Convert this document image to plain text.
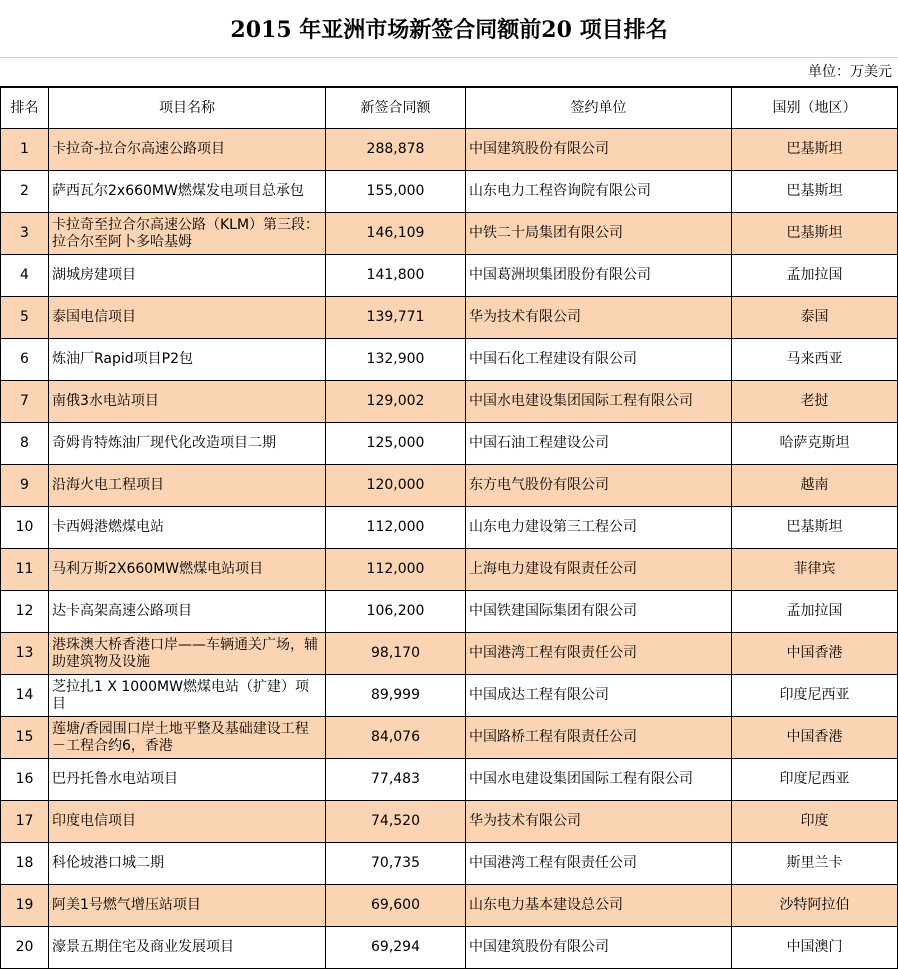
2015 年亚洲市场新签合同额前20 项目排名
单位：万美元
排名	项目名称	新签合同额	签约单位	国别（地区）
1	卡拉奇-拉合尔高速公路项目	288,878	中国建筑股份有限公司	巴基斯坦
2	萨西瓦尔2x660MW燃煤发电项目总承包	155,000	山东电力工程咨询院有限公司	巴基斯坦
3	卡拉奇至拉合尔高速公路（KLM）第三段：拉合尔至阿卜多哈基姆	146,109	中铁二十局集团有限公司	巴基斯坦
4	湖城房建项目	141,800	中国葛洲坝集团股份有限公司	孟加拉国
5	泰国电信项目	139,771	华为技术有限公司	泰国
6	炼油厂Rapid项目P2包	132,900	中国石化工程建设有限公司	马来西亚
7	南俄3水电站项目	129,002	中国水电建设集团国际工程有限公司	老挝
8	奇姆肯特炼油厂现代化改造项目二期	125,000	中国石油工程建设公司	哈萨克斯坦
9	沿海火电工程项目	120,000	东方电气股份有限公司	越南
10	卡西姆港燃煤电站	112,000	山东电力建设第三工程公司	巴基斯坦
11	马利万斯2X660MW燃煤电站项目	112,000	上海电力建设有限责任公司	菲律宾
12	达卡高架高速公路项目	106,200	中国铁建国际集团有限公司	孟加拉国
13	港珠澳大桥香港口岸——车辆通关广场，辅助建筑物及设施	98,170	中国港湾工程有限责任公司	中国香港
14	芝拉扎1 X 1000MW燃煤电站（扩建）项目	89,999	中国成达工程有限公司	印度尼西亚
15	莲塘/香园围口岸土地平整及基础建设工程－工程合约6，香港	84,076	中国路桥工程有限责任公司	中国香港
16	巴丹托鲁水电站项目	77,483	中国水电建设集团国际工程有限公司	印度尼西亚
17	印度电信项目	74,520	华为技术有限公司	印度
18	科伦坡港口城二期	70,735	中国港湾工程有限责任公司	斯里兰卡
19	阿美1号燃气增压站项目	69,600	山东电力基本建设总公司	沙特阿拉伯
20	濠景五期住宅及商业发展项目	69,294	中国建筑股份有限公司	中国澳门
